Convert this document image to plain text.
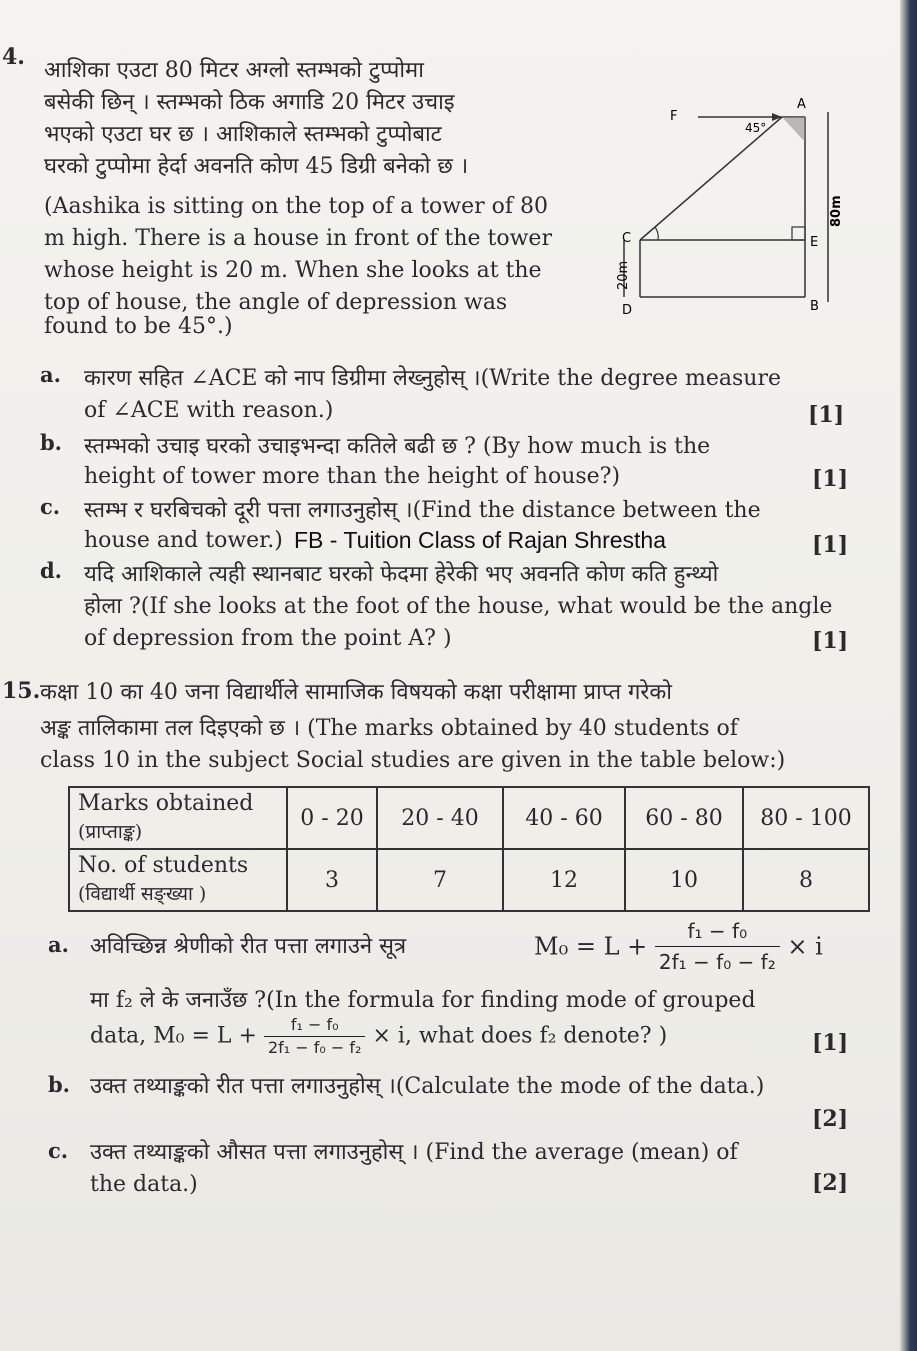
4.
आशिका एउटा 80 मिटर अग्लो स्तम्भको टुप्पोमा
बसेकी छिन् । स्तम्भको ठिक अगाडि 20 मिटर उचाइ
भएको एउटा घर छ । आशिकाले स्तम्भको टुप्पोबाट
घरको टुप्पोमा हेर्दा अवनति कोण 45 डिग्री बनेको छ ।
(Aashika is sitting on the top of a tower of 80
m high. There is a house in front of the tower
whose height is 20 m. When she looks at the
top of house, the angle of depression was
found to be 45°.)
F
A
45°
C	E
D	B
80m
20m
a. कारण सहित ∠ACE को नाप डिग्रीमा लेख्नुहोस् ।(Write the degree measure
of ∠ACE with reason.)	[1]
b. स्तम्भको उचाइ घरको उचाइभन्दा कतिले बढी छ ? (By how much is the
height of tower more than the height of house?)	[1]
c. स्तम्भ र घरबिचको दूरी पत्ता लगाउनुहोस् ।(Find the distance between the
house and tower.) FB - Tuition Class of Rajan Shrestha	[1]
d. यदि आशिकाले त्यही स्थानबाट घरको फेदमा हेरेकी भए अवनति कोण कति हुन्थ्यो
होला ?(If she looks at the foot of the house, what would be the angle
of depression from the point A? )	[1]
15. कक्षा 10 का 40 जना विद्यार्थीले सामाजिक विषयको कक्षा परीक्षामा प्राप्त गरेको
अङ्क तालिकामा तल दिइएको छ । (The marks obtained by 40 students of
class 10 in the subject Social studies are given in the table below:)
Marks obtained
(प्राप्ताङ्क)	0 - 20	20 - 40	40 - 60	60 - 80	80 - 100

No. of students
(विद्यार्थी सङ्ख्या )	3	7	12	10	8
a. अविच्छिन्न श्रेणीको रीत पत्ता लगाउने सूत्र	$M_0 = L + \frac{\text{f₁ − f₀}}{\text{2f₁ − f₀ − f₂}} \times i$
मा f₂ ले के जनाउँछ ?(In the formula for finding mode of grouped
data, $M_0 = L + \frac{\text{f₁ − f₀}}{\text{2f₁ − f₀ − f₂}} \times i$, what does f₂ denote? )	[1]
b. उक्त तथ्याङ्कको रीत पत्ता लगाउनुहोस् ।(Calculate the mode of the data.)
[2]
c. उक्त तथ्याङ्कको औसत पत्ता लगाउनुहोस् । (Find the average (mean) of
the data.)	[2]
